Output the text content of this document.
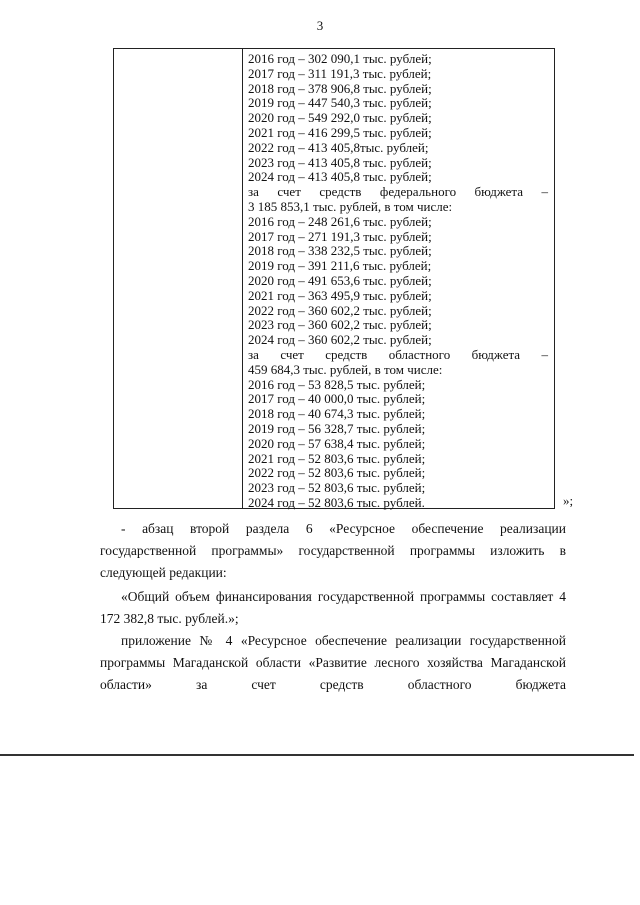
3
2016 год – 302 090,1 тыс. рублей;
2017 год – 311 191,3 тыс. рублей;
2018 год – 378 906,8 тыс. рублей;
2019 год – 447 540,3 тыс. рублей;
2020 год – 549 292,0 тыс. рублей;
2021 год – 416 299,5 тыс. рублей;
2022 год – 413 405,8тыс. рублей;
2023 год – 413 405,8 тыс. рублей;
2024 год – 413 405,8 тыс. рублей;
за счет средств федерального бюджета –
3 185 853,1 тыс. рублей, в том числе:
2016 год – 248 261,6 тыс. рублей;
2017 год – 271 191,3 тыс. рублей;
2018 год – 338 232,5 тыс. рублей;
2019 год – 391 211,6 тыс. рублей;
2020 год – 491 653,6 тыс. рублей;
2021 год – 363 495,9 тыс. рублей;
2022 год – 360 602,2 тыс. рублей;
2023 год – 360 602,2 тыс. рублей;
2024 год – 360 602,2 тыс. рублей;
за счет средств областного бюджета –
459 684,3 тыс. рублей, в том числе:
2016 год – 53 828,5 тыс. рублей;
2017 год – 40 000,0 тыс. рублей;
2018 год – 40 674,3 тыс. рублей;
2019 год – 56 328,7 тыс. рублей;
2020 год – 57 638,4 тыс. рублей;
2021 год – 52 803,6 тыс. рублей;
2022 год – 52 803,6 тыс. рублей;
2023 год – 52 803,6 тыс. рублей;
2024 год – 52 803,6 тыс. рублей.	»;

- абзац второй раздела 6 «Ресурсное обеспечение реализации государственной программы» государственной программы изложить в следующей редакции:

«Общий объем финансирования государственной программы составляет 4 172 382,8 тыс. рублей.»;

приложение № 4 «Ресурсное обеспечение реализации государственной программы Магаданской области «Развитие лесного хозяйства Магаданской области» за счет средств областного бюджета
